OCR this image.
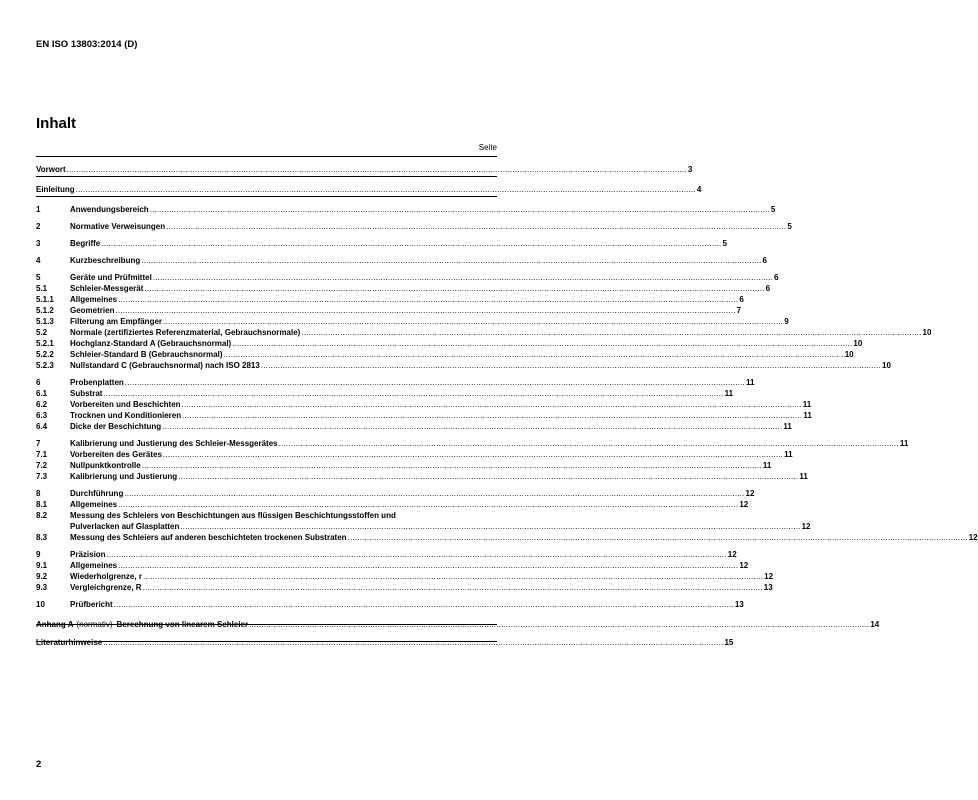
EN ISO 13803:2014 (D)
Inhalt
Seite
Vorwort .....	3
Einleitung .....	4
1	Anwendungsbereich .....	5
2	Normative Verweisungen .....	5
3	Begriffe .....	5
4	Kurzbeschreibung .....	6
5	Geräte und Prüfmittel .....	6
5.1	Schleier-Messgerät .....	6
5.1.1	Allgemeines .....	6
5.1.2	Geometrien .....	7
5.1.3	Filterung am Empfänger .....	9
5.2	Normale (zertifiziertes Referenzmaterial, Gebrauchsnormale) .....	10
5.2.1	Hochglanz-Standard A (Gebrauchsnormal) .....	10
5.2.2	Schleier-Standard B (Gebrauchsnormal) .....	10
5.2.3	Nullstandard C (Gebrauchsnormal) nach ISO 2813 .....	10
6	Probenplatten .....	11
6.1	Substrat .....	11
6.2	Vorbereiten und Beschichten .....	11
6.3	Trocknen und Konditionieren .....	11
6.4	Dicke der Beschichtung .....	11
7	Kalibrierung und Justierung des Schleier-Messgerätes .....	11
7.1	Vorbereiten des Gerätes .....	11
7.2	Nullpunktkontrolle .....	11
7.3	Kalibrierung und Justierung .....	11
8	Durchführung .....	12
8.1	Allgemeines .....	12
8.2	Messung des Schleiers von Beschichtungen aus flüssigen Beschichtungsstoffen und
Pulverlacken auf Glasplatten .....	12
8.3	Messung des Schleiers auf anderen beschichteten trockenen Substraten .....	12
9	Präzision .....	12
9.1	Allgemeines .....	12
9.2	Wiederholgrenze, r .....	12
9.3	Vergleichgrenze, R .....	13
10	Prüfbericht .....	13
Anhang A (normativ) Berechnung von linearem Schleier .....	14
Literaturhinweise .....	15
2
